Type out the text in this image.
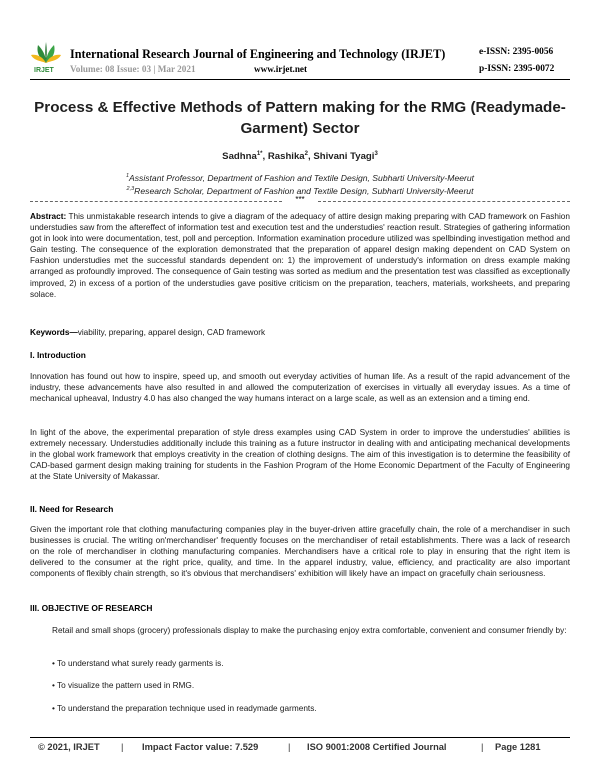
IRJET
International Research Journal of Engineering and Technology (IRJET)
Volume: 08 Issue: 03 | Mar 2021	www.irjet.net
e-ISSN: 2395-0056
p-ISSN: 2395-0072
Process & Effective Methods of Pattern making for the RMG (Readymade-
Garment) Sector
Sadhna$^{1*}$, Rashika$^2$, Shivani Tyagi$^3$
$^1$Assistant Professor, Department of Fashion and Textile Design, Subharti University-Meerut
$^{2,3}$Research Scholar, Department of Fashion and Textile Design, Subharti University-Meerut
***
Abstract: This unmistakable research intends to give a diagram of the adequacy of attire design making preparing with CAD framework on Fashion understudies saw from the aftereffect of information test and execution test and the understudies' reaction result. Strategies of gathering information got in look into were documentation, test, poll and perception. Information examination procedure utilized was spellbinding investigation method and Gain testing. The consequence of the exploration demonstrated that the preparation of apparel design making dependent on CAD System on Fashion understudies met the successful standards dependent on: 1) the improvement of understudy's information on dress example making arranged as profoundly improved. The consequence of Gain testing was sorted as medium and the presentation test was classified as exceptionally improved, 2) in excess of a portion of the understudies gave positive criticism on the preparation, teachers, materials, worksheets, and preparing solace.
Keywords—viability, preparing, apparel design, CAD framework
I. Introduction
Innovation has found out how to inspire, speed up, and smooth out everyday activities of human life. As a result of the rapid advancement of the industry, these advancements have also resulted in and allowed the computerization of exercises in virtually all everyday issues. As a time of mechanical upheaval, Industry 4.0 has also changed the way humans interact on a large scale, as well as an extension and a timing end.
In light of the above, the experimental preparation of style dress examples using CAD System in order to improve the understudies' abilities is extremely necessary. Understudies additionally include this training as a future instructor in dealing with and anticipating mechanical developments in the global work framework that employs creativity in the creation of clothing designs. The aim of this investigation is to determine the feasibility of CAD-based garment design making training for students in the Fashion Program of the Home Economic Department of the Faculty of Engineering at the State University of Makassar.
II. Need for Research
Given the important role that clothing manufacturing companies play in the buyer-driven attire gracefully chain, the role of a merchandiser in such businesses is crucial. The writing on'merchandiser' frequently focuses on the merchandiser of retail establishments. There was a lack of research on the role of merchandiser in clothing manufacturing companies. Merchandisers have a critical role to play in ensuring that the right item is delivered to the consumer at the right price, quality, and time. In the apparel industry, value, efficiency, and practicality are also important components of flexibly chain strength, so it's obvious that merchandisers' exhibition will likely have an impact on gracefully chain seriousness.
III. OBJECTIVE OF RESEARCH
Retail and small shops (grocery) professionals display to make the purchasing enjoy extra comfortable, convenient and consumer friendly by:
• To understand what surely ready garments is.
• To visualize the pattern used in RMG.
• To understand the preparation technique used in readymade garments.
© 2021, IRJET | Impact Factor value: 7.529	| ISO 9001:2008 Certified Journal	| Page 1281
